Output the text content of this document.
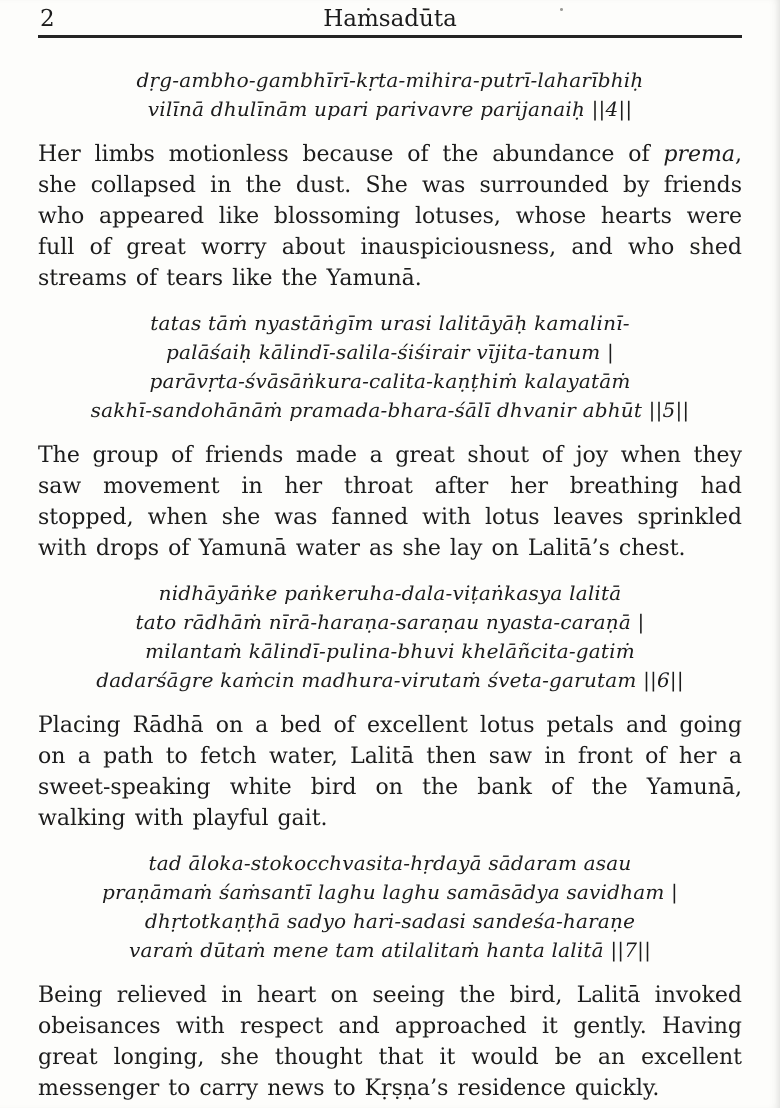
2	Haṁsadūta
dṛg-ambho-gambhīrī-kṛta-mihira-putrī-laharībhiḥ
vilīnā dhulīnām upari parivavre parijanaiḥ ||4||

Her limbs motionless because of the abundance of prema, she collapsed in the dust. She was surrounded by friends who appeared like blossoming lotuses, whose hearts were full of great worry about inauspiciousness, and who shed streams of tears like the Yamunā.

tatas tāṁ nyastāṅgīm urasi lalitāyāḥ kamalinī-
palāśaiḥ kālindī-salila-śiśirair vījita-tanum |
parāvṛta-śvāsāṅkura-calita-kaṇṭhiṁ kalayatāṁ
sakhī-sandohānāṁ pramada-bhara-śālī dhvanir abhūt ||5||

The group of friends made a great shout of joy when they saw movement in her throat after her breathing had stopped, when she was fanned with lotus leaves sprinkled with drops of Yamunā water as she lay on Lalitā’s chest.

nidhāyāṅke paṅkeruha-dala-viṭaṅkasya lalitā
tato rādhāṁ nīrā-haraṇa-saraṇau nyasta-caraṇā |
milantaṁ kālindī-pulina-bhuvi khelāñcita-gatiṁ
dadarśāgre kaṁcin madhura-virutaṁ śveta-garutam ||6||

Placing Rādhā on a bed of excellent lotus petals and going on a path to fetch water, Lalitā then saw in front of her a sweet-speaking white bird on the bank of the Yamunā, walking with playful gait.

tad āloka-stokocchvasita-hṛdayā sādaram asau
praṇāmaṁ śaṁsantī laghu laghu samāsādya savidham |
dhṛtotkaṇṭhā sadyo hari-sadasi sandeśa-haraṇe
varaṁ dūtaṁ mene tam atilalitaṁ hanta lalitā ||7||

Being relieved in heart on seeing the bird, Lalitā invoked obeisances with respect and approached it gently. Having great longing, she thought that it would be an excellent messenger to carry news to Kṛṣṇa’s residence quickly.
